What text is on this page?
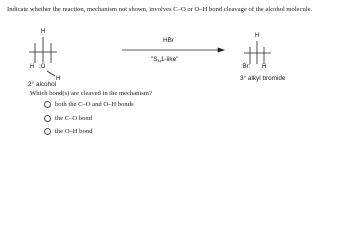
Indicate whether the reaction, mechanism not shown, involves C–O or O–H bond cleavage of the alcohol molecule.
H
H :O
..
H
HBr
"$S_N1$-like"
H
:Br:
..
H
2° alcohol
3° alkyl bromide
Which bond(s) are cleaved in the mechanism?
both the C–O and O–H bonds
the C–O bond
the O–H bond
